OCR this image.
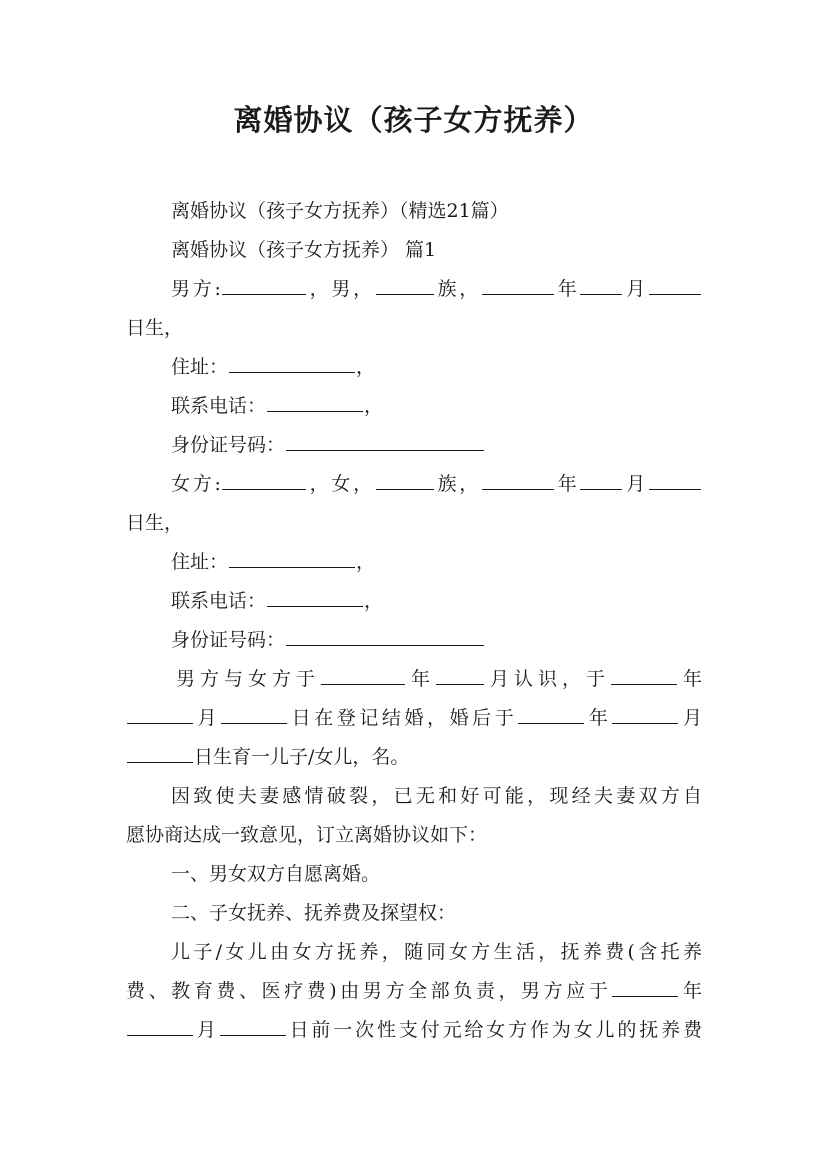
离婚协议（孩子女方抚养）
离婚协议（孩子女方抚养）（精选21篇）
离婚协议（孩子女方抚养） 篇1
男方:	，男，	族，	年 月
日生，
住址：	，
联系电话：	，
身份证号码：
女方:	，女，	族，	年 月
日生，
住址：	，
联系电话：	，
身份证号码：
男方与女方于	年	月认识，于	年
月	日在登记结婚，婚后于	年	月
日生育一儿子/女儿，名。
因致使夫妻感情破裂，已无和好可能，现经夫妻双方自
愿协商达成一致意见，订立离婚协议如下：
一、男女双方自愿离婚。
二、子女抚养、抚养费及探望权：
儿子/女儿由女方抚养，随同女方生活，抚养费(含托养
费、教育费、医疗费)由男方全部负责，男方应于	年
月	日前一次性支付元给女方作为女儿的抚养费
